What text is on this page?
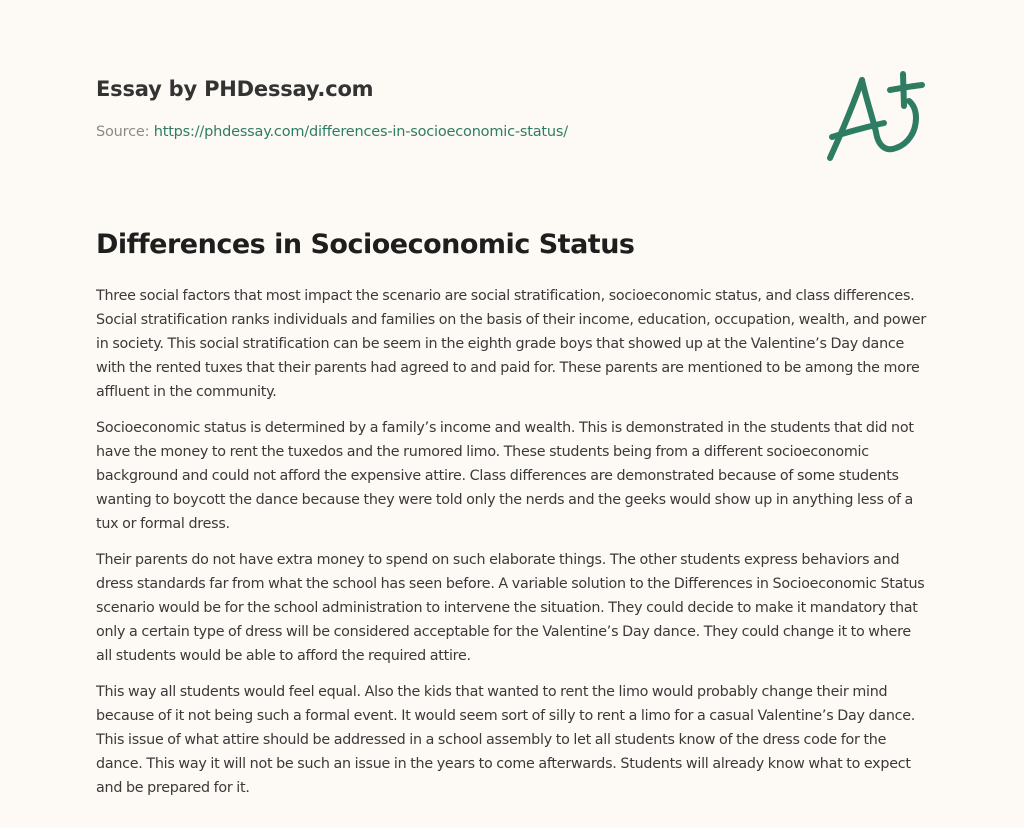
Essay by PHDessay.com
Source: https://phdessay.com/differences-in-socioeconomic-status/
Differences in Socioeconomic Status

Three social factors that most impact the scenario are social stratification, socioeconomic status, and class differences. Social stratification ranks individuals and families on the basis of their income, education, occupation, wealth, and power in society. This social stratification can be seem in the eighth grade boys that showed up at the Valentine’s Day dance with the rented tuxes that their parents had agreed to and paid for. These parents are mentioned to be among the more affluent in the community.

Socioeconomic status is determined by a family’s income and wealth. This is demonstrated in the students that did not have the money to rent the tuxedos and the rumored limo. These students being from a different socioeconomic background and could not afford the expensive attire. Class differences are demonstrated because of some students wanting to boycott the dance because they were told only the nerds and the geeks would show up in anything less of a tux or formal dress.

Their parents do not have extra money to spend on such elaborate things. The other students express behaviors and dress standards far from what the school has seen before. A variable solution to the Differences in Socioeconomic Status scenario would be for the school administration to intervene the situation. They could decide to make it mandatory that only a certain type of dress will be considered acceptable for the Valentine’s Day dance. They could change it to where all students would be able to afford the required attire.

This way all students would feel equal. Also the kids that wanted to rent the limo would probably change their mind because of it not being such a formal event. It would seem sort of silly to rent a limo for a casual Valentine’s Day dance. This issue of what attire should be addressed in a school assembly to let all students know of the dress code for the dance. This way it will not be such an issue in the years to come afterwards. Students will already know what to expect and be prepared for it.
